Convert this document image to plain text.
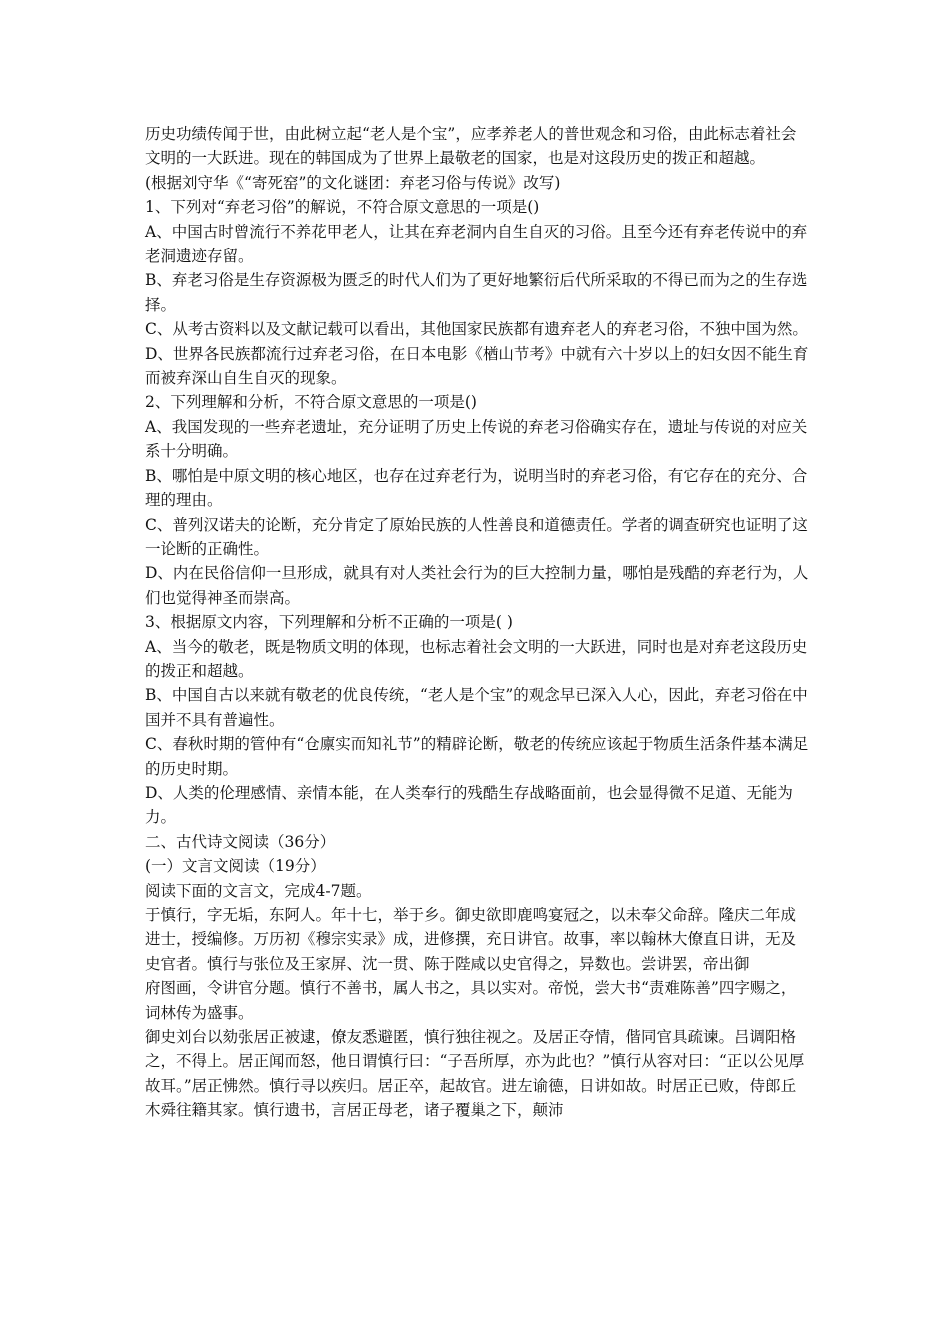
历史功绩传闻于世，由此树立起“老人是个宝”，应孝养老人的普世观念和习俗，由此标志着社会文明的一大跃进。现在的韩国成为了世界上最敬老的国家，也是对这段历史的拨正和超越。

(根据刘守华《“寄死窑”的文化谜团：弃老习俗与传说》改写)

1、下列对“弃老习俗”的解说，不符合原文意思的一项是()

A、中国古时曾流行不养花甲老人，让其在弃老洞内自生自灭的习俗。且至今还有弃老传说中的弃老洞遗迹存留。

B、弃老习俗是生存资源极为匮乏的时代人们为了更好地繁衍后代所采取的不得已而为之的生存选择。

C、从考古资料以及文献记载可以看出，其他国家民族都有遗弃老人的弃老习俗，不独中国为然。

D、世界各民族都流行过弃老习俗，在日本电影《楢山节考》中就有六十岁以上的妇女因不能生育而被弃深山自生自灭的现象。

2、下列理解和分析，不符合原文意思的一项是()

A、我国发现的一些弃老遗址，充分证明了历史上传说的弃老习俗确实存在，遗址与传说的对应关系十分明确。

B、哪怕是中原文明的核心地区，也存在过弃老行为，说明当时的弃老习俗，有它存在的充分、合理的理由。

C、普列汉诺夫的论断，充分肯定了原始民族的人性善良和道德责任。学者的调查研究也证明了这一论断的正确性。

D、内在民俗信仰一旦形成，就具有对人类社会行为的巨大控制力量，哪怕是残酷的弃老行为，人们也觉得神圣而崇高。

3、根据原文内容，下列理解和分析不正确的一项是( )

A、当今的敬老，既是物质文明的体现，也标志着社会文明的一大跃进，同时也是对弃老这段历史的拨正和超越。

B、中国自古以来就有敬老的优良传统，“老人是个宝”的观念早已深入人心，因此，弃老习俗在中国并不具有普遍性。

C、春秋时期的管仲有“仓廪实而知礼节”的精辟论断，敬老的传统应该起于物质生活条件基本满足的历史时期。

D、人类的伦理感情、亲情本能，在人类奉行的残酷生存战略面前，也会显得微不足道、无能为力。

二、古代诗文阅读（36分）

(一）文言文阅读（19分）

阅读下面的文言文，完成4-7题。

于慎行，字无垢，东阿人。年十七，举于乡。御史欲即鹿鸣宴冠之，以未奉父命辞。隆庆二年成进士，授编修。万历初《穆宗实录》成，进修撰，充日讲官。故事，率以翰林大僚直日讲，无及史官者。慎行与张位及王家屏、沈一贯、陈于陛咸以史官得之，异数也。尝讲罢，帝出御

府图画，令讲官分题。慎行不善书，属人书之，具以实对。帝悦，尝大书“责难陈善”四字赐之，词林传为盛事。

御史刘台以劾张居正被逮，僚友悉避匿，慎行独往视之。及居正夺情，偕同官具疏谏。吕调阳格之，不得上。居正闻而怒，他日谓慎行曰：“子吾所厚，亦为此也？”慎行从容对曰：“正以公见厚故耳。”居正怫然。慎行寻以疾归。居正卒，起故官。进左谕德，日讲如故。时居正已败，侍郎丘木舜往籍其家。慎行遗书，言居正母老，诸子覆巢之下，颠沛
